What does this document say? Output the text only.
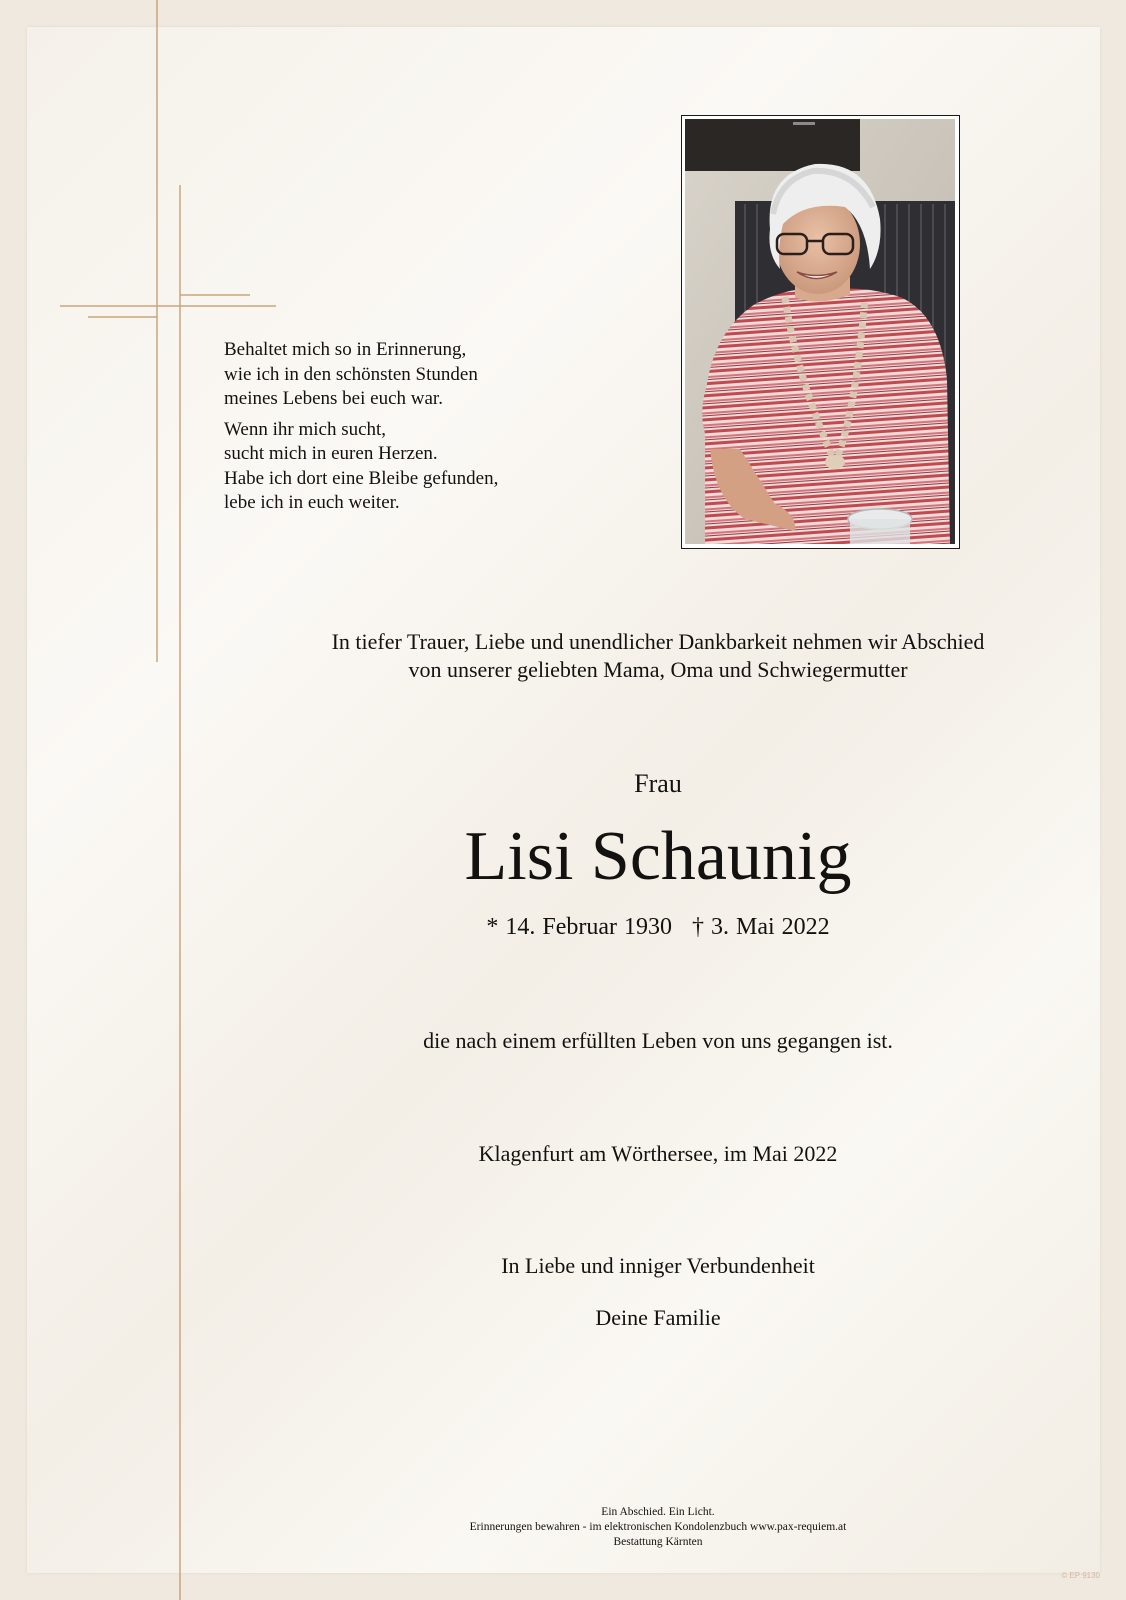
Behaltet mich so in Erinnerung,
wie ich in den schönsten Stunden
meines Lebens bei euch war.
Wenn ihr mich sucht,
sucht mich in euren Herzen.
Habe ich dort eine Bleibe gefunden,
lebe ich in euch weiter.
In tiefer Trauer, Liebe und unendlicher Dankbarkeit nehmen wir Abschied
von unserer geliebten Mama, Oma und Schwiegermutter
Frau
Lisi Schaunig
* 14. Februar 1930 † 3. Mai 2022
die nach einem erfüllten Leben von uns gegangen ist.
Klagenfurt am Wörthersee, im Mai 2022
In Liebe und inniger Verbundenheit
Deine Familie
Ein Abschied. Ein Licht.
Erinnerungen bewahren - im elektronischen Kondolenzbuch www.pax-requiem.at
Bestattung Kärnten
© EP 9130
